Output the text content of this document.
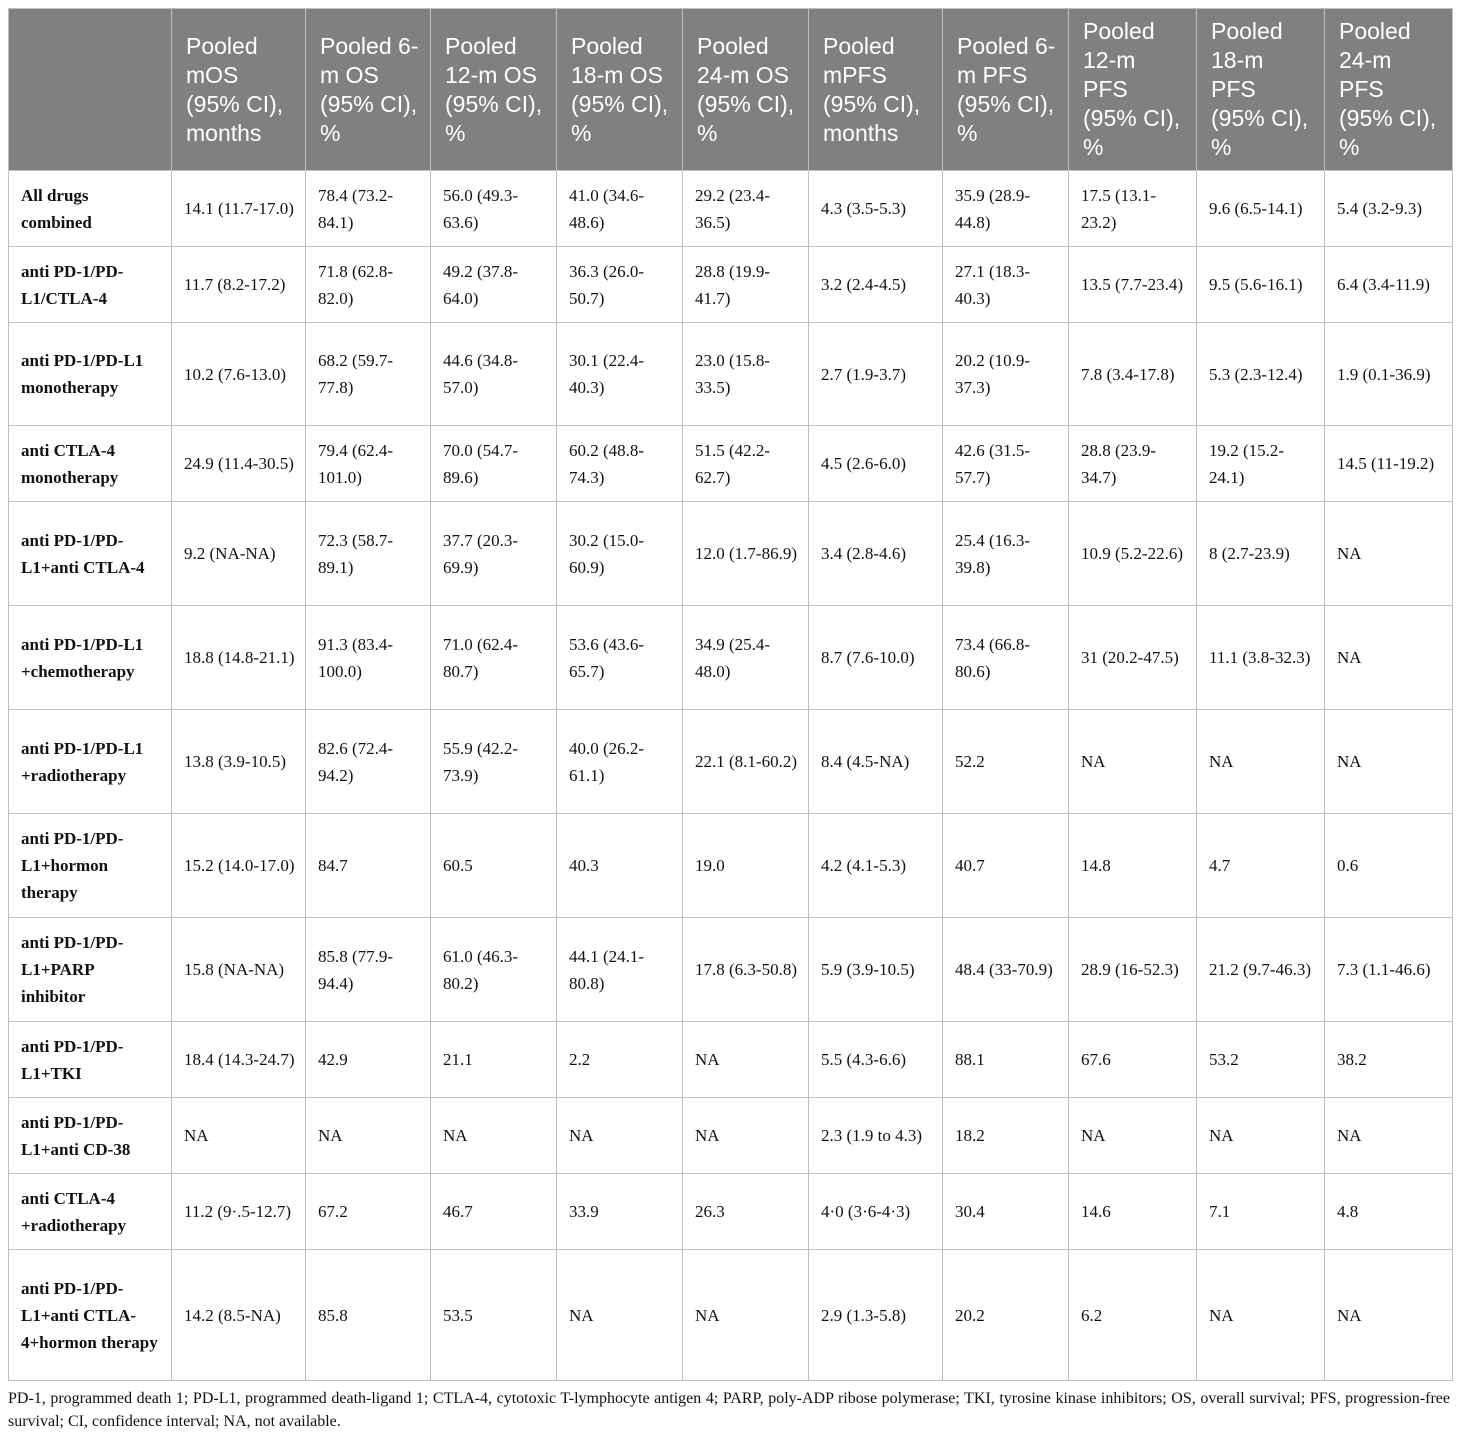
	Pooled mOS (95% CI), months	Pooled 6-m OS (95% CI), %	Pooled 12-m OS (95% CI), %	Pooled 18-m OS (95% CI), %	Pooled 24-m OS (95% CI), %	Pooled mPFS (95% CI), months	Pooled 6-m PFS (95% CI), %	Pooled 12-m PFS (95% CI), %	Pooled 18-m PFS (95% CI), %	Pooled 24-m PFS (95% CI), %
All drugs combined	14.1 (11.7-17.0)	78.4 (73.2-84.1)	56.0 (49.3-63.6)	41.0 (34.6-48.6)	29.2 (23.4-36.5)	4.3 (3.5-5.3)	35.9 (28.9-44.8)	17.5 (13.1-23.2)	9.6 (6.5-14.1)	5.4 (3.2-9.3)
anti PD-1/PD-L1/CTLA-4	11.7 (8.2-17.2)	71.8 (62.8-82.0)	49.2 (37.8-64.0)	36.3 (26.0-50.7)	28.8 (19.9-41.7)	3.2 (2.4-4.5)	27.1 (18.3-40.3)	13.5 (7.7-23.4)	9.5 (5.6-16.1)	6.4 (3.4-11.9)
anti PD-1/PD-L1 monotherapy	10.2 (7.6-13.0)	68.2 (59.7-77.8)	44.6 (34.8-57.0)	30.1 (22.4-40.3)	23.0 (15.8-33.5)	2.7 (1.9-3.7)	20.2 (10.9-37.3)	7.8 (3.4-17.8)	5.3 (2.3-12.4)	1.9 (0.1-36.9)
anti CTLA-4 monotherapy	24.9 (11.4-30.5)	79.4 (62.4-101.0)	70.0 (54.7-89.6)	60.2 (48.8-74.3)	51.5 (42.2-62.7)	4.5 (2.6-6.0)	42.6 (31.5-57.7)	28.8 (23.9-34.7)	19.2 (15.2-24.1)	14.5 (11-19.2)
anti PD-1/PD-L1+anti CTLA-4	9.2 (NA-NA)	72.3 (58.7-89.1)	37.7 (20.3-69.9)	30.2 (15.0-60.9)	12.0 (1.7-86.9)	3.4 (2.8-4.6)	25.4 (16.3-39.8)	10.9 (5.2-22.6)	8 (2.7-23.9)	NA
anti PD-1/PD-L1 +chemotherapy	18.8 (14.8-21.1)	91.3 (83.4-100.0)	71.0 (62.4-80.7)	53.6 (43.6-65.7)	34.9 (25.4-48.0)	8.7 (7.6-10.0)	73.4 (66.8-80.6)	31 (20.2-47.5)	11.1 (3.8-32.3)	NA
anti PD-1/PD-L1 +radiotherapy	13.8 (3.9-10.5)	82.6 (72.4-94.2)	55.9 (42.2-73.9)	40.0 (26.2-61.1)	22.1 (8.1-60.2)	8.4 (4.5-NA)	52.2	NA	NA	NA
anti PD-1/PD-L1+hormon therapy	15.2 (14.0-17.0)	84.7	60.5	40.3	19.0	4.2 (4.1-5.3)	40.7	14.8	4.7	0.6
anti PD-1/PD-L1+PARP inhibitor	15.8 (NA-NA)	85.8 (77.9-94.4)	61.0 (46.3-80.2)	44.1 (24.1-80.8)	17.8 (6.3-50.8)	5.9 (3.9-10.5)	48.4 (33-70.9)	28.9 (16-52.3)	21.2 (9.7-46.3)	7.3 (1.1-46.6)
anti PD-1/PD-L1+TKI	18.4 (14.3-24.7)	42.9	21.1	2.2	NA	5.5 (4.3-6.6)	88.1	67.6	53.2	38.2
anti PD-1/PD-L1+anti CD-38	NA	NA	NA	NA	NA	2.3 (1.9 to 4.3)	18.2	NA	NA	NA
anti CTLA-4 +radiotherapy	11.2 (9·.5-12.7)	67.2	46.7	33.9	26.3	4·0 (3·6-4·3)	30.4	14.6	7.1	4.8
anti PD-1/PD-L1+anti CTLA-4+hormon therapy	14.2 (8.5-NA)	85.8	53.5	NA	NA	2.9 (1.3-5.8)	20.2	6.2	NA	NA
PD-1, programmed death 1; PD-L1, programmed death-ligand 1; CTLA-4, cytotoxic T-lymphocyte antigen 4; PARP, poly-ADP ribose polymerase; TKI, tyrosine kinase inhibitors; OS, overall survival; PFS, progression-free survival; CI, confidence interval; NA, not available.
